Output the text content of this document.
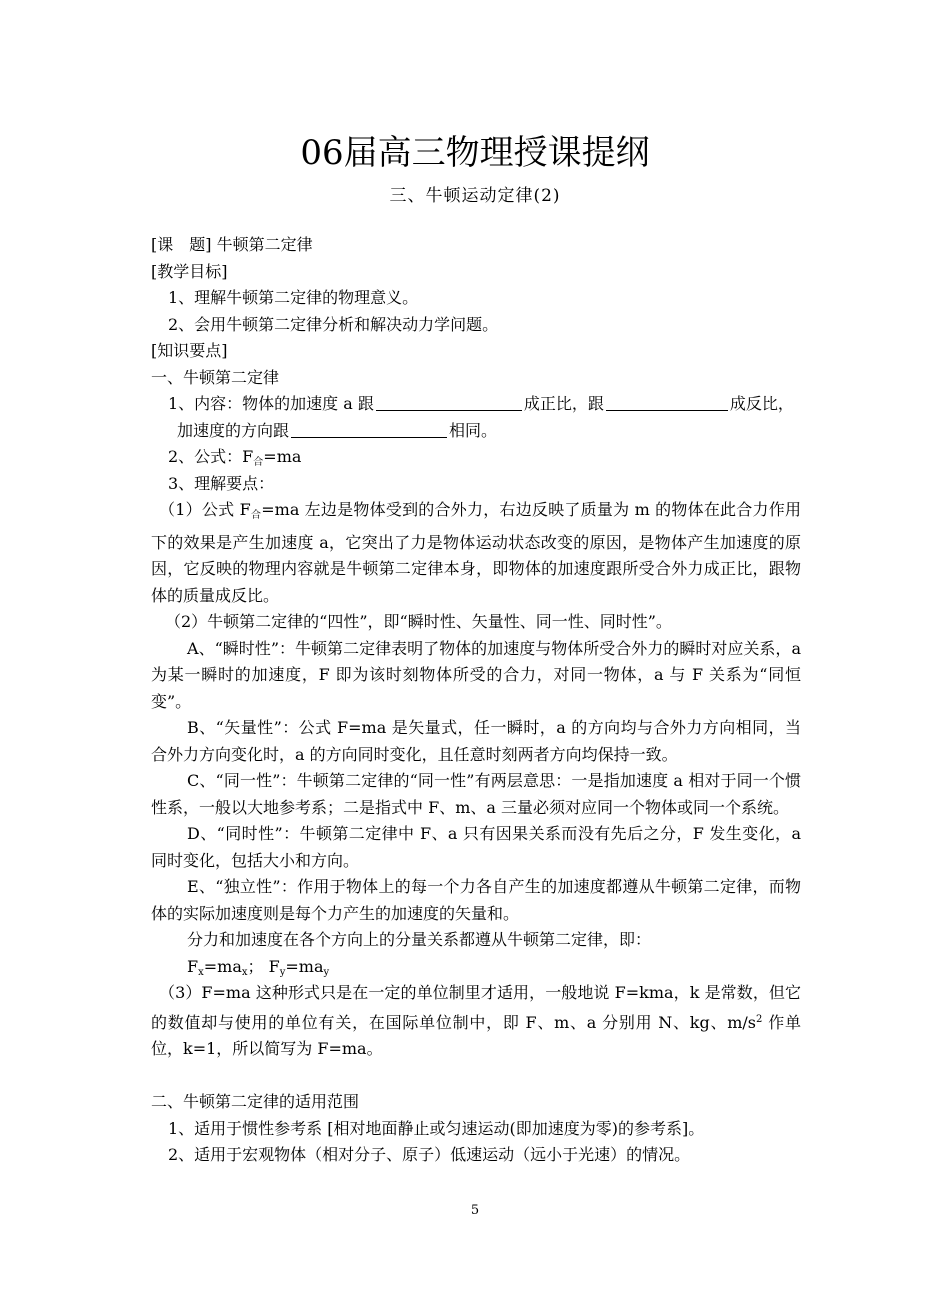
06届高三物理授课提纲
三、牛顿运动定律(2)
[课　题] 牛顿第二定律
[教学目标]
1、理解牛顿第二定律的物理意义。
2、会用牛顿第二定律分析和解决动力学问题。
[知识要点]
一、牛顿第二定律
1、内容：物体的加速度 a 跟	成正比，跟	成反比，
加速度的方向跟	相同。
2、公式：$F_合=ma$
3、理解要点：
（1）公式 $F_合=ma$ 左边是物体受到的合外力，右边反映了质量为 m 的物体在此合力作用下的效果是产生加速度 a，它突出了力是物体运动状态改变的原因，是物体产生加速度的原因，它反映的物理内容就是牛顿第二定律本身，即物体的加速度跟所受合外力成正比，跟物体的质量成反比。
（2）牛顿第二定律的“四性”，即“瞬时性、矢量性、同一性、同时性”。
A、“瞬时性”：牛顿第二定律表明了物体的加速度与物体所受合外力的瞬时对应关系，a 为某一瞬时的加速度，F 即为该时刻物体所受的合力，对同一物体，a 与 F 关系为“同恒变”。
B、“矢量性”：公式 F=ma 是矢量式，任一瞬时，a 的方向均与合外力方向相同，当合外力方向变化时，a 的方向同时变化，且任意时刻两者方向均保持一致。
C、“同一性”：牛顿第二定律的“同一性”有两层意思：一是指加速度 a 相对于同一个惯性系，一般以大地参考系；二是指式中 F、m、a 三量必须对应同一个物体或同一个系统。
D、“同时性”：牛顿第二定律中 F、a 只有因果关系而没有先后之分，F 发生变化，a 同时变化，包括大小和方向。
E、“独立性”：作用于物体上的每一个力各自产生的加速度都遵从牛顿第二定律，而物体的实际加速度则是每个力产生的加速度的矢量和。
分力和加速度在各个方向上的分量关系都遵从牛顿第二定律，即：
$F_x=ma_x$； $F_y=ma_y$
（3）F=ma 这种形式只是在一定的单位制里才适用，一般地说 F=kma，k 是常数，但它的数值却与使用的单位有关，在国际单位制中，即 F、m、a 分别用 N、kg、$m/s^2$ 作单位，k=1，所以简写为 F=ma。
二、牛顿第二定律的适用范围
1、适用于惯性参考系 [相对地面静止或匀速运动(即加速度为零)的参考系]。
2、适用于宏观物体（相对分子、原子）低速运动（远小于光速）的情况。
5
